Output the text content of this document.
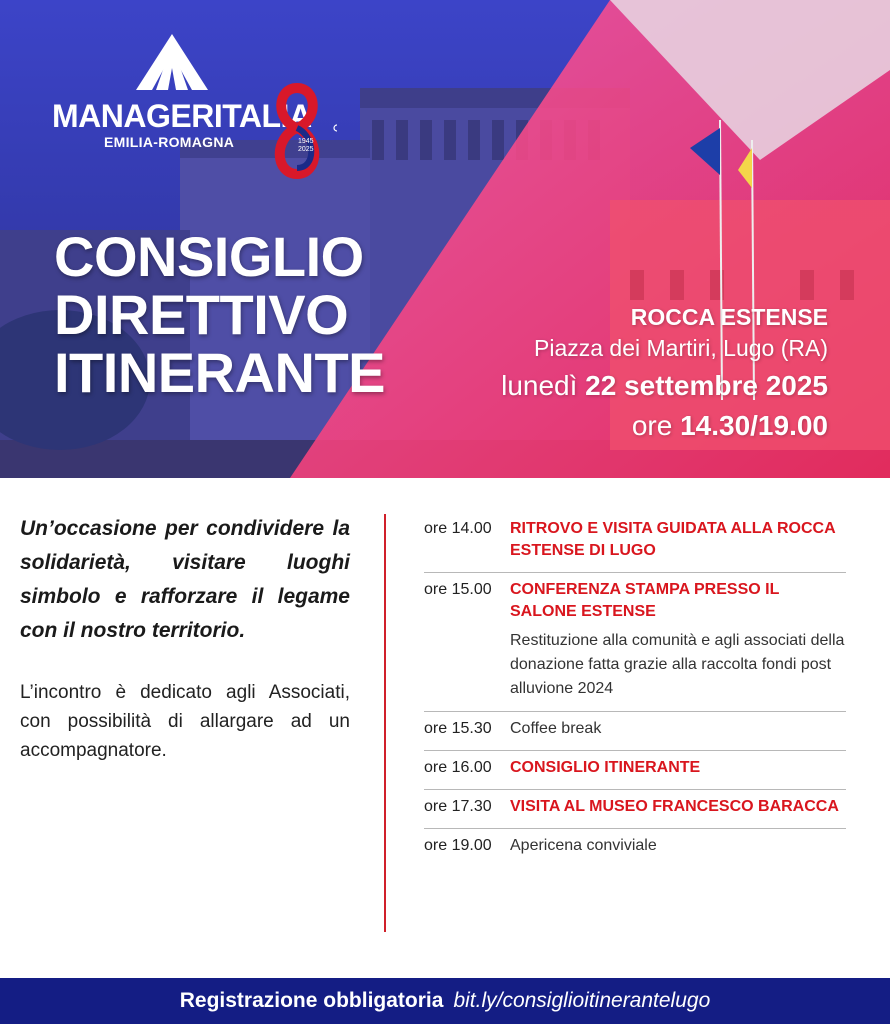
MANAGERITALIA
EMILIA-ROMAGNA	1945
2025
CONSIGLIO
DIRETTIVO
ITINERANTE
ROCCA ESTENSE
Piazza dei Martiri, Lugo (RA)
lunedì 22 settembre 2025
ore 14.30/19.00

Un’occasione per condividere la solidarietà, visitare luoghi simbolo e rafforzare il legame con il nostro territorio.

L’incontro è dedicato agli Associati, con possibilità di allargare ad un accompagnatore.

ore 14.00	RITROVO E VISITA GUIDATA ALLA ROCCA ESTENSE DI LUGO
ore 15.00	CONFERENZA STAMPA PRESSO IL SALONE ESTENSE
Restituzione alla comunità e agli associati della donazione fatta grazie alla raccolta fondi post alluvione 2024
ore 15.30	Coffee break
ore 16.00	CONSIGLIO ITINERANTE
ore 17.30	VISITA AL MUSEO FRANCESCO BARACCA
ore 19.00	Apericena conviviale
Registrazione obbligatoria bit.ly/consiglioitinerantelugo
